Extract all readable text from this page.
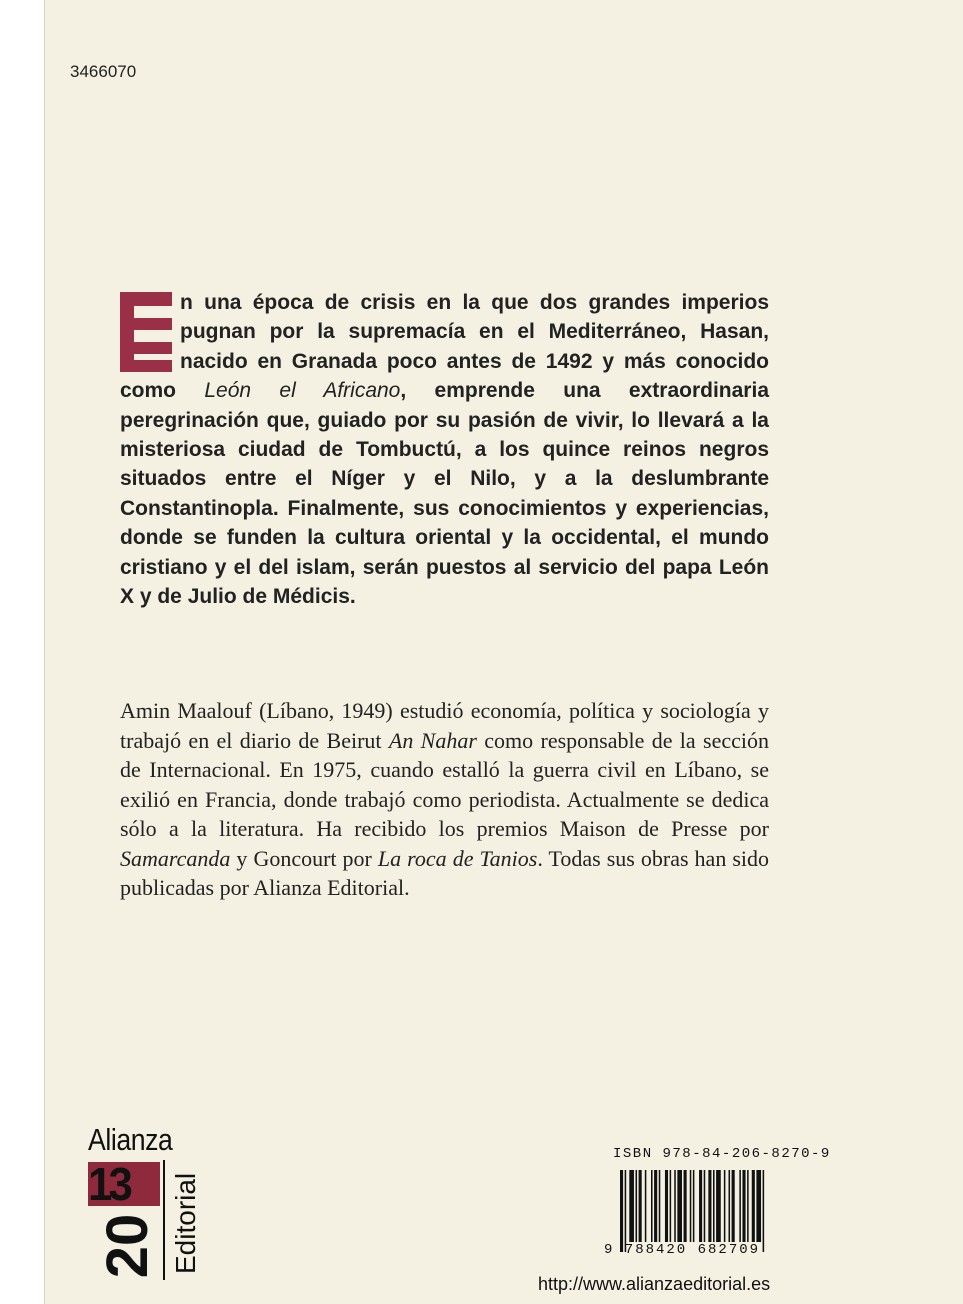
3466070
n una época de crisis en la que dos grandes imperios pugnan por la supremacía en el Mediterráneo, Hasan, nacido en Granada poco antes de 1492 y más conocido como León el Africano, emprende una extraordinaria peregrinación que, guiado por su pasión de vivir, lo llevará a la misteriosa ciudad de Tombuctú, a los quince reinos negros situados entre el Níger y el Nilo, y a la deslumbrante Constantinopla. Finalmente, sus conocimientos y experiencias, donde se funden la cultura oriental y la occidental, el mundo cristiano y el del islam, serán puestos al servicio del papa León X y de Julio de Médicis.
Amin Maalouf (Líbano, 1949) estudió economía, política y sociología y trabajó en el diario de Beirut An Nahar como responsable de la sección de Internacional. En 1975, cuando estalló la guerra civil en Líbano, se exilió en Francia, donde trabajó como periodista. Actualmente se dedica sólo a la literatura. Ha recibido los premios Maison de Presse por Samarcanda y Goncourt por La roca de Tanios. Todas sus obras han sido publicadas por Alianza Editorial.
Alianza
13
20 Editorial
ISBN 978-84-206-8270-9
9 788420 682709
http://www.alianzaeditorial.es
